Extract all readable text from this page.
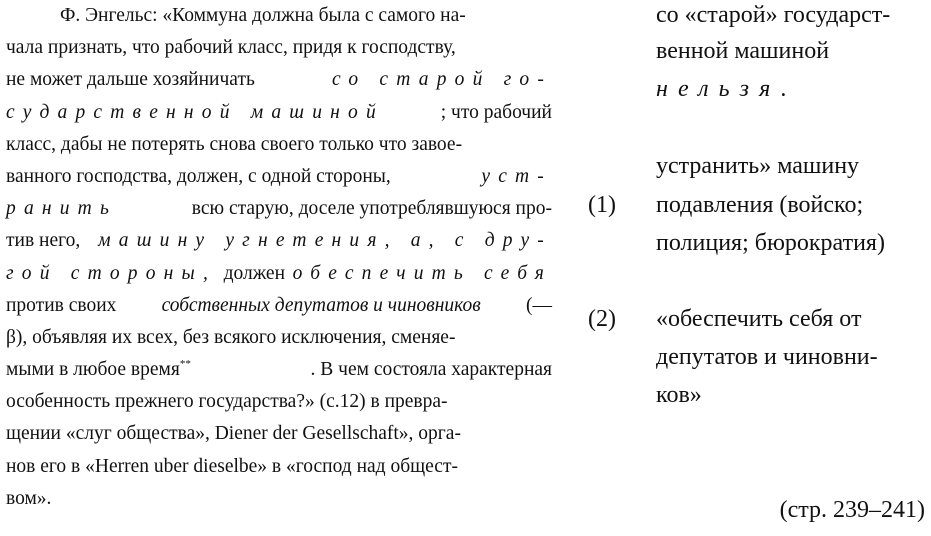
Ф. Энгельс: «Коммуна должна была с самого на-
чала признать, что рабочий класс, придя к господству,
не может дальше хозяйничать	со старой го-
сударственной машиной	; что рабочий
класс, дабы не потерять снова своего только что завое-
ванного господства, должен, с одной стороны,	уст-
ранить	всю старую, доселе употреблявшуюся про-
тив него, машину угнетения, а, с дру-
гой стороны, должен обеспечить себя
против своих собственных депутатов и чиновников (—
β), объявляя их всех, без всякого исключения, сменяе-
мыми в любое время**	. В чем состояла характерная
особенность прежнего государства?» (с.12) в превра-
щении «слуг общества», Diener der Gesellschaft», орга-
нов его в «Herren uber dieselbe» в «господ над общест-
вом».
со «старой» государст-
венной машиной
нельзя.
устранить» машину
(1) подавления (войско;
полиция; бюрократия)
(2) «обеспечить себя от
депутатов и чиновни-
ков»
(стр. 239–241)
